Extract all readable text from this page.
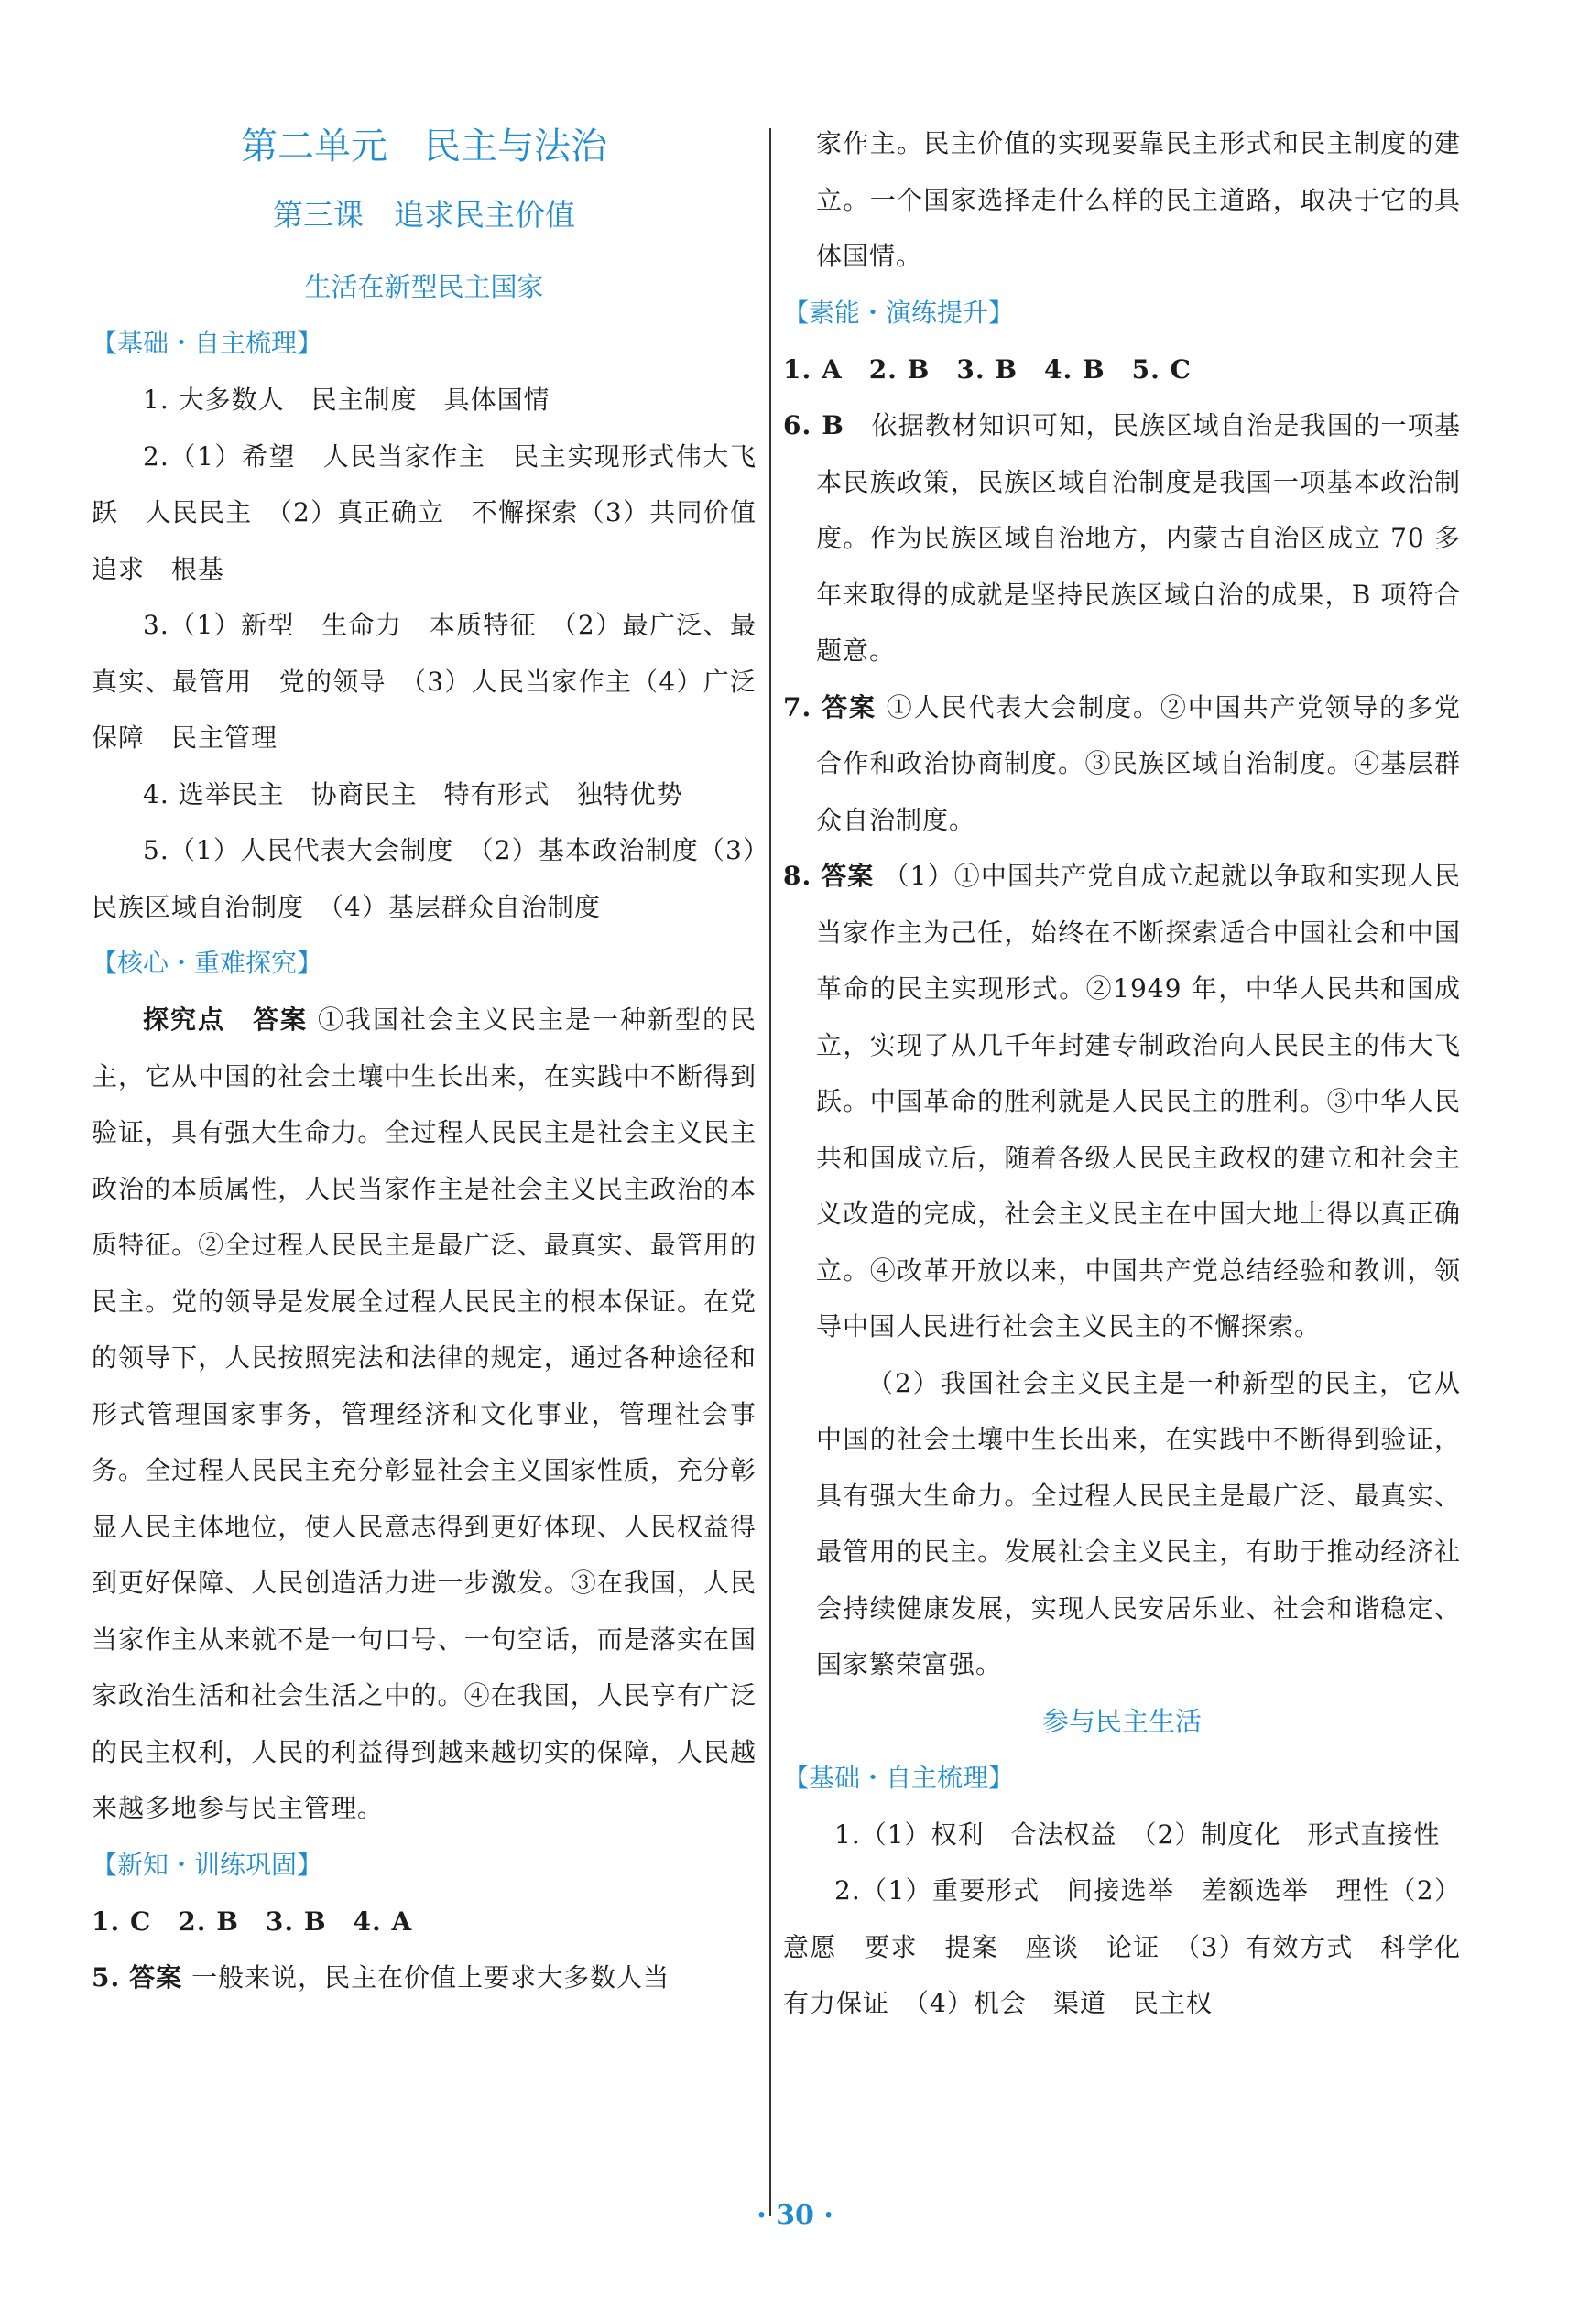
第二单元　民主与法治
第三课　追求民主价值
生活在新型民主国家
【基础・自主梳理】
1. 大多数人　民主制度　具体国情
2.（1）希望　人民当家作主　民主实现形式伟大飞跃　人民民主　（2）真正确立　不懈探索（3）共同价值追求　根基
3.（1）新型　生命力　本质特征　（2）最广泛、最真实、最管用　党的领导　（3）人民当家作主（4）广泛　保障　民主管理
4. 选举民主　协商民主　特有形式　独特优势
5.（1）人民代表大会制度　（2）基本政治制度（3）民族区域自治制度　（4）基层群众自治制度
【核心・重难探究】
探究点　答案 ①我国社会主义民主是一种新型的民主，它从中国的社会土壤中生长出来，在实践中不断得到验证，具有强大生命力。全过程人民民主是社会主义民主政治的本质属性，人民当家作主是社会主义民主政治的本质特征。②全过程人民民主是最广泛、最真实、最管用的民主。党的领导是发展全过程人民民主的根本保证。在党的领导下，人民按照宪法和法律的规定，通过各种途径和形式管理国家事务，管理经济和文化事业，管理社会事务。全过程人民民主充分彰显社会主义国家性质，充分彰显人民主体地位，使人民意志得到更好体现、人民权益得到更好保障、人民创造活力进一步激发。③在我国，人民当家作主从来就不是一句口号、一句空话，而是落实在国家政治生活和社会生活之中的。④在我国，人民享有广泛的民主权利，人民的利益得到越来越切实的保障，人民越来越多地参与民主管理。
【新知・训练巩固】
1. C　2. B　3. B　4. A
5. 答案 一般来说，民主在价值上要求大多数人当
家作主。民主价值的实现要靠民主形式和民主制度的建立。一个国家选择走什么样的民主道路，取决于它的具体国情。
【素能・演练提升】
1. A　2. B　3. B　4. B　5. C
6. B　 依据教材知识可知，民族区域自治是我国的一项基本民族政策，民族区域自治制度是我国一项基本政治制度。作为民族区域自治地方，内蒙古自治区成立 70 多年来取得的成就是坚持民族区域自治的成果，B 项符合题意。
7. 答案 ①人民代表大会制度。②中国共产党领导的多党合作和政治协商制度。③民族区域自治制度。④基层群众自治制度。
8. 答案 （1）①中国共产党自成立起就以争取和实现人民当家作主为己任，始终在不断探索适合中国社会和中国革命的民主实现形式。②1949 年，中华人民共和国成立，实现了从几千年封建专制政治向人民民主的伟大飞跃。中国革命的胜利就是人民民主的胜利。③中华人民共和国成立后，随着各级人民民主政权的建立和社会主义改造的完成，社会主义民主在中国大地上得以真正确立。④改革开放以来，中国共产党总结经验和教训，领导中国人民进行社会主义民主的不懈探索。
（2）我国社会主义民主是一种新型的民主，它从中国的社会土壤中生长出来，在实践中不断得到验证，具有强大生命力。全过程人民民主是最广泛、最真实、最管用的民主。发展社会主义民主，有助于推动经济社会持续健康发展，实现人民安居乐业、社会和谐稳定、国家繁荣富强。
参与民主生活
【基础・自主梳理】
1.（1）权利　合法权益　（2）制度化　形式直接性
2.（1）重要形式　间接选举　差额选举　理性（2）意愿　要求　提案　座谈　论证　（3）有效方式　科学化　有力保证　（4）机会　渠道　民主权
· 30 ·
